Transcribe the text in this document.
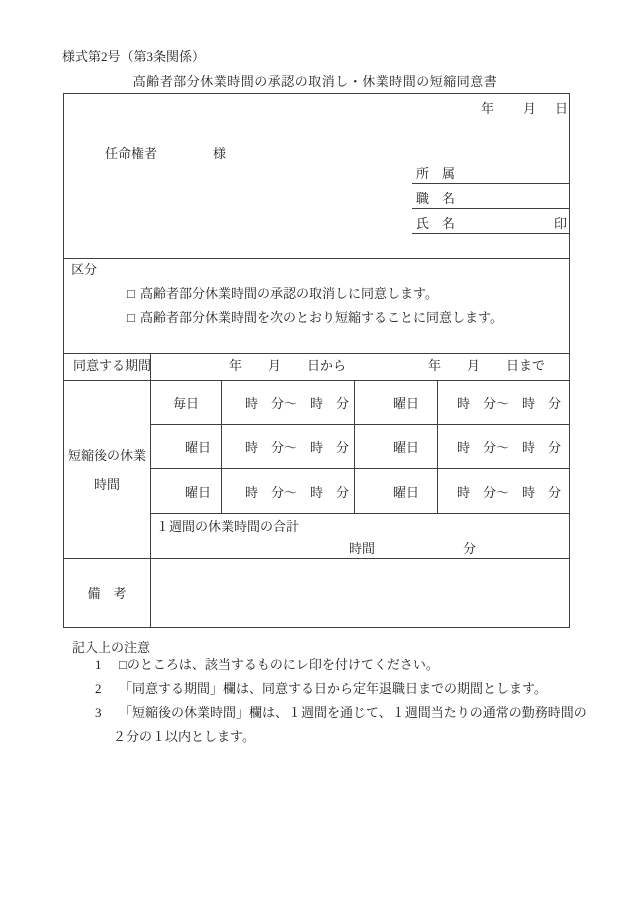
様式第2号（第3条関係）
高齢者部分休業時間の承認の取消し・休業時間の短縮同意書
年 月 日
任命権者	様
所　属
職　名
氏　名	印
区分
□ 高齢者部分休業時間の承認の取消しに同意します。
□ 高齢者部分休業時間を次のとおり短縮することに同意します。
同意する期間	年　　月　　日から	年　　月　　日まで
短縮後の休業
時間
毎日	時　分～　時　分	曜日	時　分～　時　分
曜日	時　分～　時　分	曜日	時　分～　時　分
曜日	時　分～　時　分	曜日	時　分～　時　分
１週間の休業時間の合計
時間	分
備　考
記入上の注意
1 □のところは、該当するものにレ印を付けてください。
2 「同意する期間」欄は、同意する日から定年退職日までの期間とします。
3 「短縮後の休業時間」欄は、１週間を通じて、１週間当たりの通常の勤務時間の
２分の１以内とします。
